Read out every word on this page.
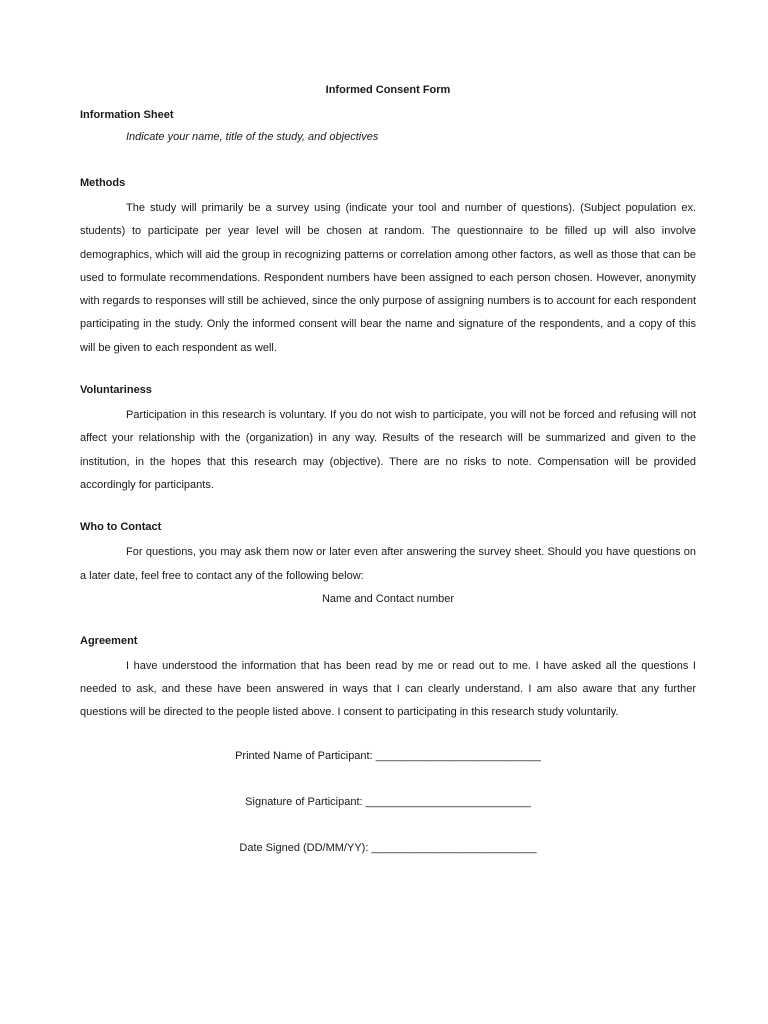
Informed Consent Form
Information Sheet
Indicate your name, title of the study, and objectives
Methods

The study will primarily be a survey using (indicate your tool and number of questions). (Subject population ex. students) to participate per year level will be chosen at random. The questionnaire to be filled up will also involve demographics, which will aid the group in recognizing patterns or correlation among other factors, as well as those that can be used to formulate recommendations. Respondent numbers have been assigned to each person chosen. However, anonymity with regards to responses will still be achieved, since the only purpose of assigning numbers is to account for each respondent participating in the study. Only the informed consent will bear the name and signature of the respondents, and a copy of this will be given to each respondent as well.

Voluntariness

Participation in this research is voluntary. If you do not wish to participate, you will not be forced and refusing will not affect your relationship with the (organization) in any way. Results of the research will be summarized and given to the institution, in the hopes that this research may (objective). There are no risks to note. Compensation will be provided accordingly for participants.

Who to Contact

For questions, you may ask them now or later even after answering the survey sheet. Should you have questions on a later date, feel free to contact any of the following below:

Name and Contact number
Agreement

I have understood the information that has been read by me or read out to me. I have asked all the questions I needed to ask, and these have been answered in ways that I can clearly understand. I am also aware that any further questions will be directed to the people listed above. I consent to participating in this research study voluntarily.

Printed Name of Participant: ___________________________
Signature of Participant: ___________________________
Date Signed (DD/MM/YY): ___________________________
